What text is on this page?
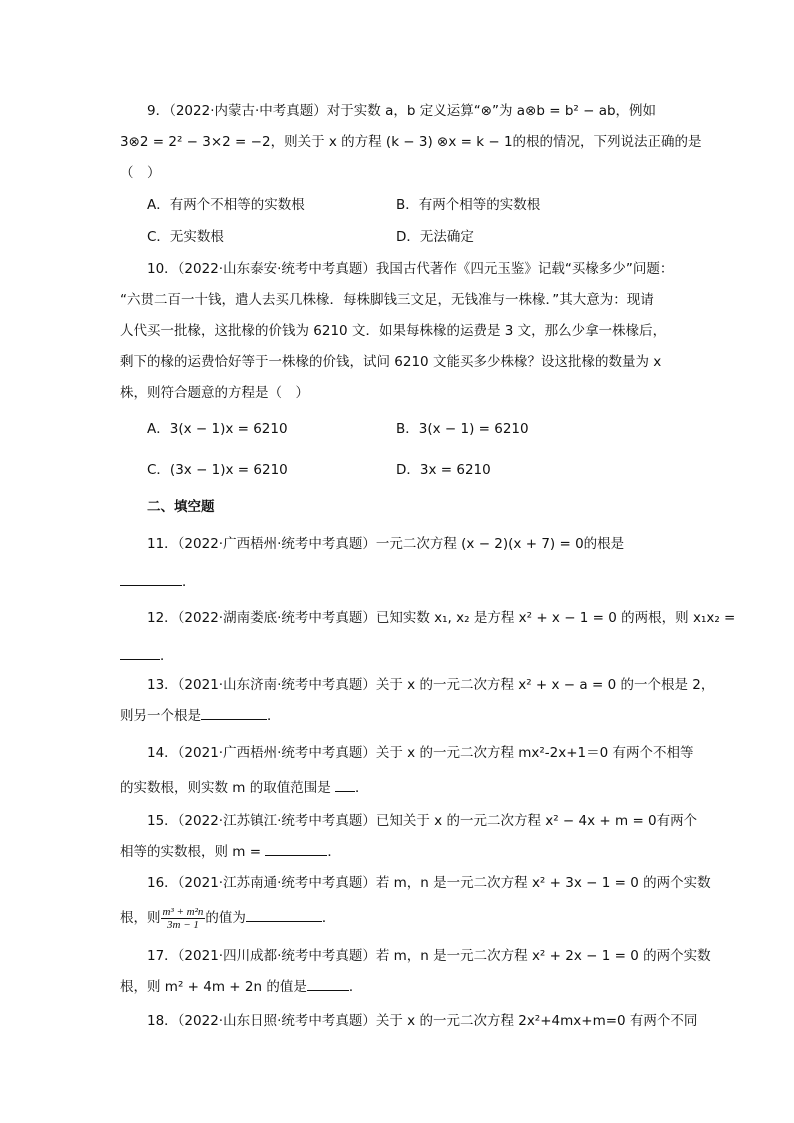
9．（2022·内蒙古·中考真题）对于实数 a，b 定义运算“⊗”为 a⊗b = b² − ab，例如
3⊗2 = 2² − 3×2 = −2，则关于 x 的方程 (k − 3) ⊗x = k − 1的根的情况，下列说法正确的是
（　）
A．有两个不相等的实数根	B．有两个相等的实数根
C．无实数根	D．无法确定
10．（2022·山东泰安·统考中考真题）我国古代著作《四元玉鉴》记载“买椽多少”问题：
“六贯二百一十钱，遣人去买几株椽．每株脚钱三文足，无钱准与一株椽．”其大意为：现请
人代买一批椽，这批椽的价钱为 6210 文．如果每株椽的运费是 3 文，那么少拿一株椽后，
剩下的椽的运费恰好等于一株椽的价钱，试问 6210 文能买多少株椽？设这批椽的数量为 x
株，则符合题意的方程是（　）
A．3(x − 1)x = 6210	B．3(x − 1) = 6210
C．(3x − 1)x = 6210	D．3x = 6210
二、填空题
11．（2022·广西梧州·统考中考真题）一元二次方程 (x − 2)(x + 7) = 0的根是
．
12．（2022·湖南娄底·统考中考真题）已知实数 x₁, x₂ 是方程 x² + x − 1 = 0 的两根，则 x₁x₂ =
．
13．（2021·山东济南·统考中考真题）关于 x 的一元二次方程 x² + x − a = 0 的一个根是 2，
则另一个根是	．
14．（2021·广西梧州·统考中考真题）关于 x 的一元二次方程 mx²-2x+1＝0 有两个不相等
的实数根，则实数 m 的取值范围是 ．
15．（2022·江苏镇江·统考中考真题）已知关于 x 的一元二次方程 x² − 4x + m = 0有两个
相等的实数根，则 m =	．
16．（2021·江苏南通·统考中考真题）若 m，n 是一元二次方程 x² + 3x − 1 = 0 的两个实数
根，则 $\frac{\text{m³ + m²n}}{3m - 1}$ 的值为	．
17．（2021·四川成都·统考中考真题）若 m，n 是一元二次方程 x² + 2x − 1 = 0 的两个实数
根，则 m² + 4m + 2n 的值是	．
18．（2022·山东日照·统考中考真题）关于 x 的一元二次方程 2x²+4mx+m=0 有两个不同
